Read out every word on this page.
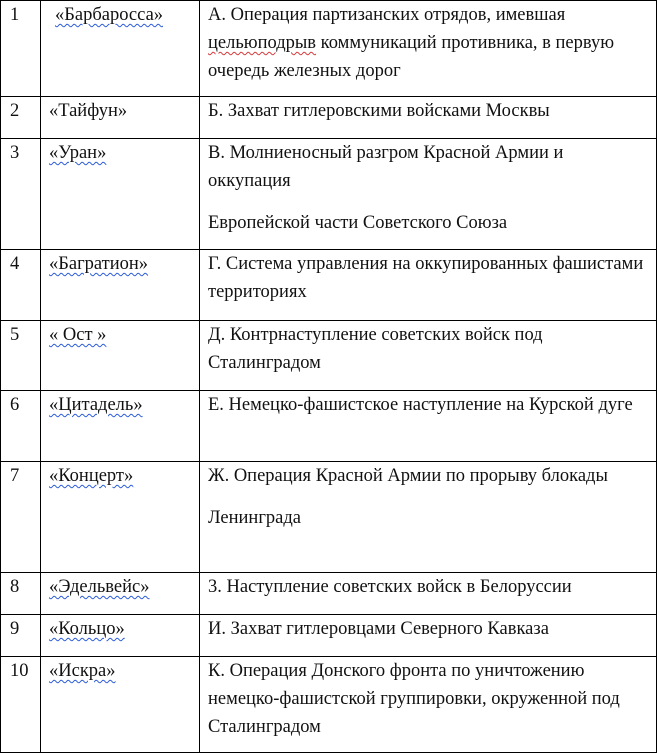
1	«Барбаросса»	А. Операция партизанских отрядов, имевшая цельюподрыв коммуникаций противника, в первую очередь железных дорог
2	«Тайфун»	Б. Захват гитлеровскими войсками Москвы
3	«Уран»	В. Молниеносный разгром Красной Армии и оккупация
Европейской части Советского Союза

4	«Багратион»	Г. Система управления на оккупированных фашистами территориях
5	« Ост »	Д. Контрнаступление советских войск под Сталинградом
6	«Цитадель»	Е. Немецко-фашистское наступление на Курской дуге
7	«Концерт»	Ж. Операция Красной Армии по прорыву блокады
Ленинграда

8	«Эдельвейс»	3. Наступление советских войск в Белоруссии
9	«Кольцо»	И. Захват гитлеровцами Северного Кавказа
10	«Искра»	К. Операция Донского фронта по уничтожению немецко-фашистской группировки, окруженной под Сталинградом
